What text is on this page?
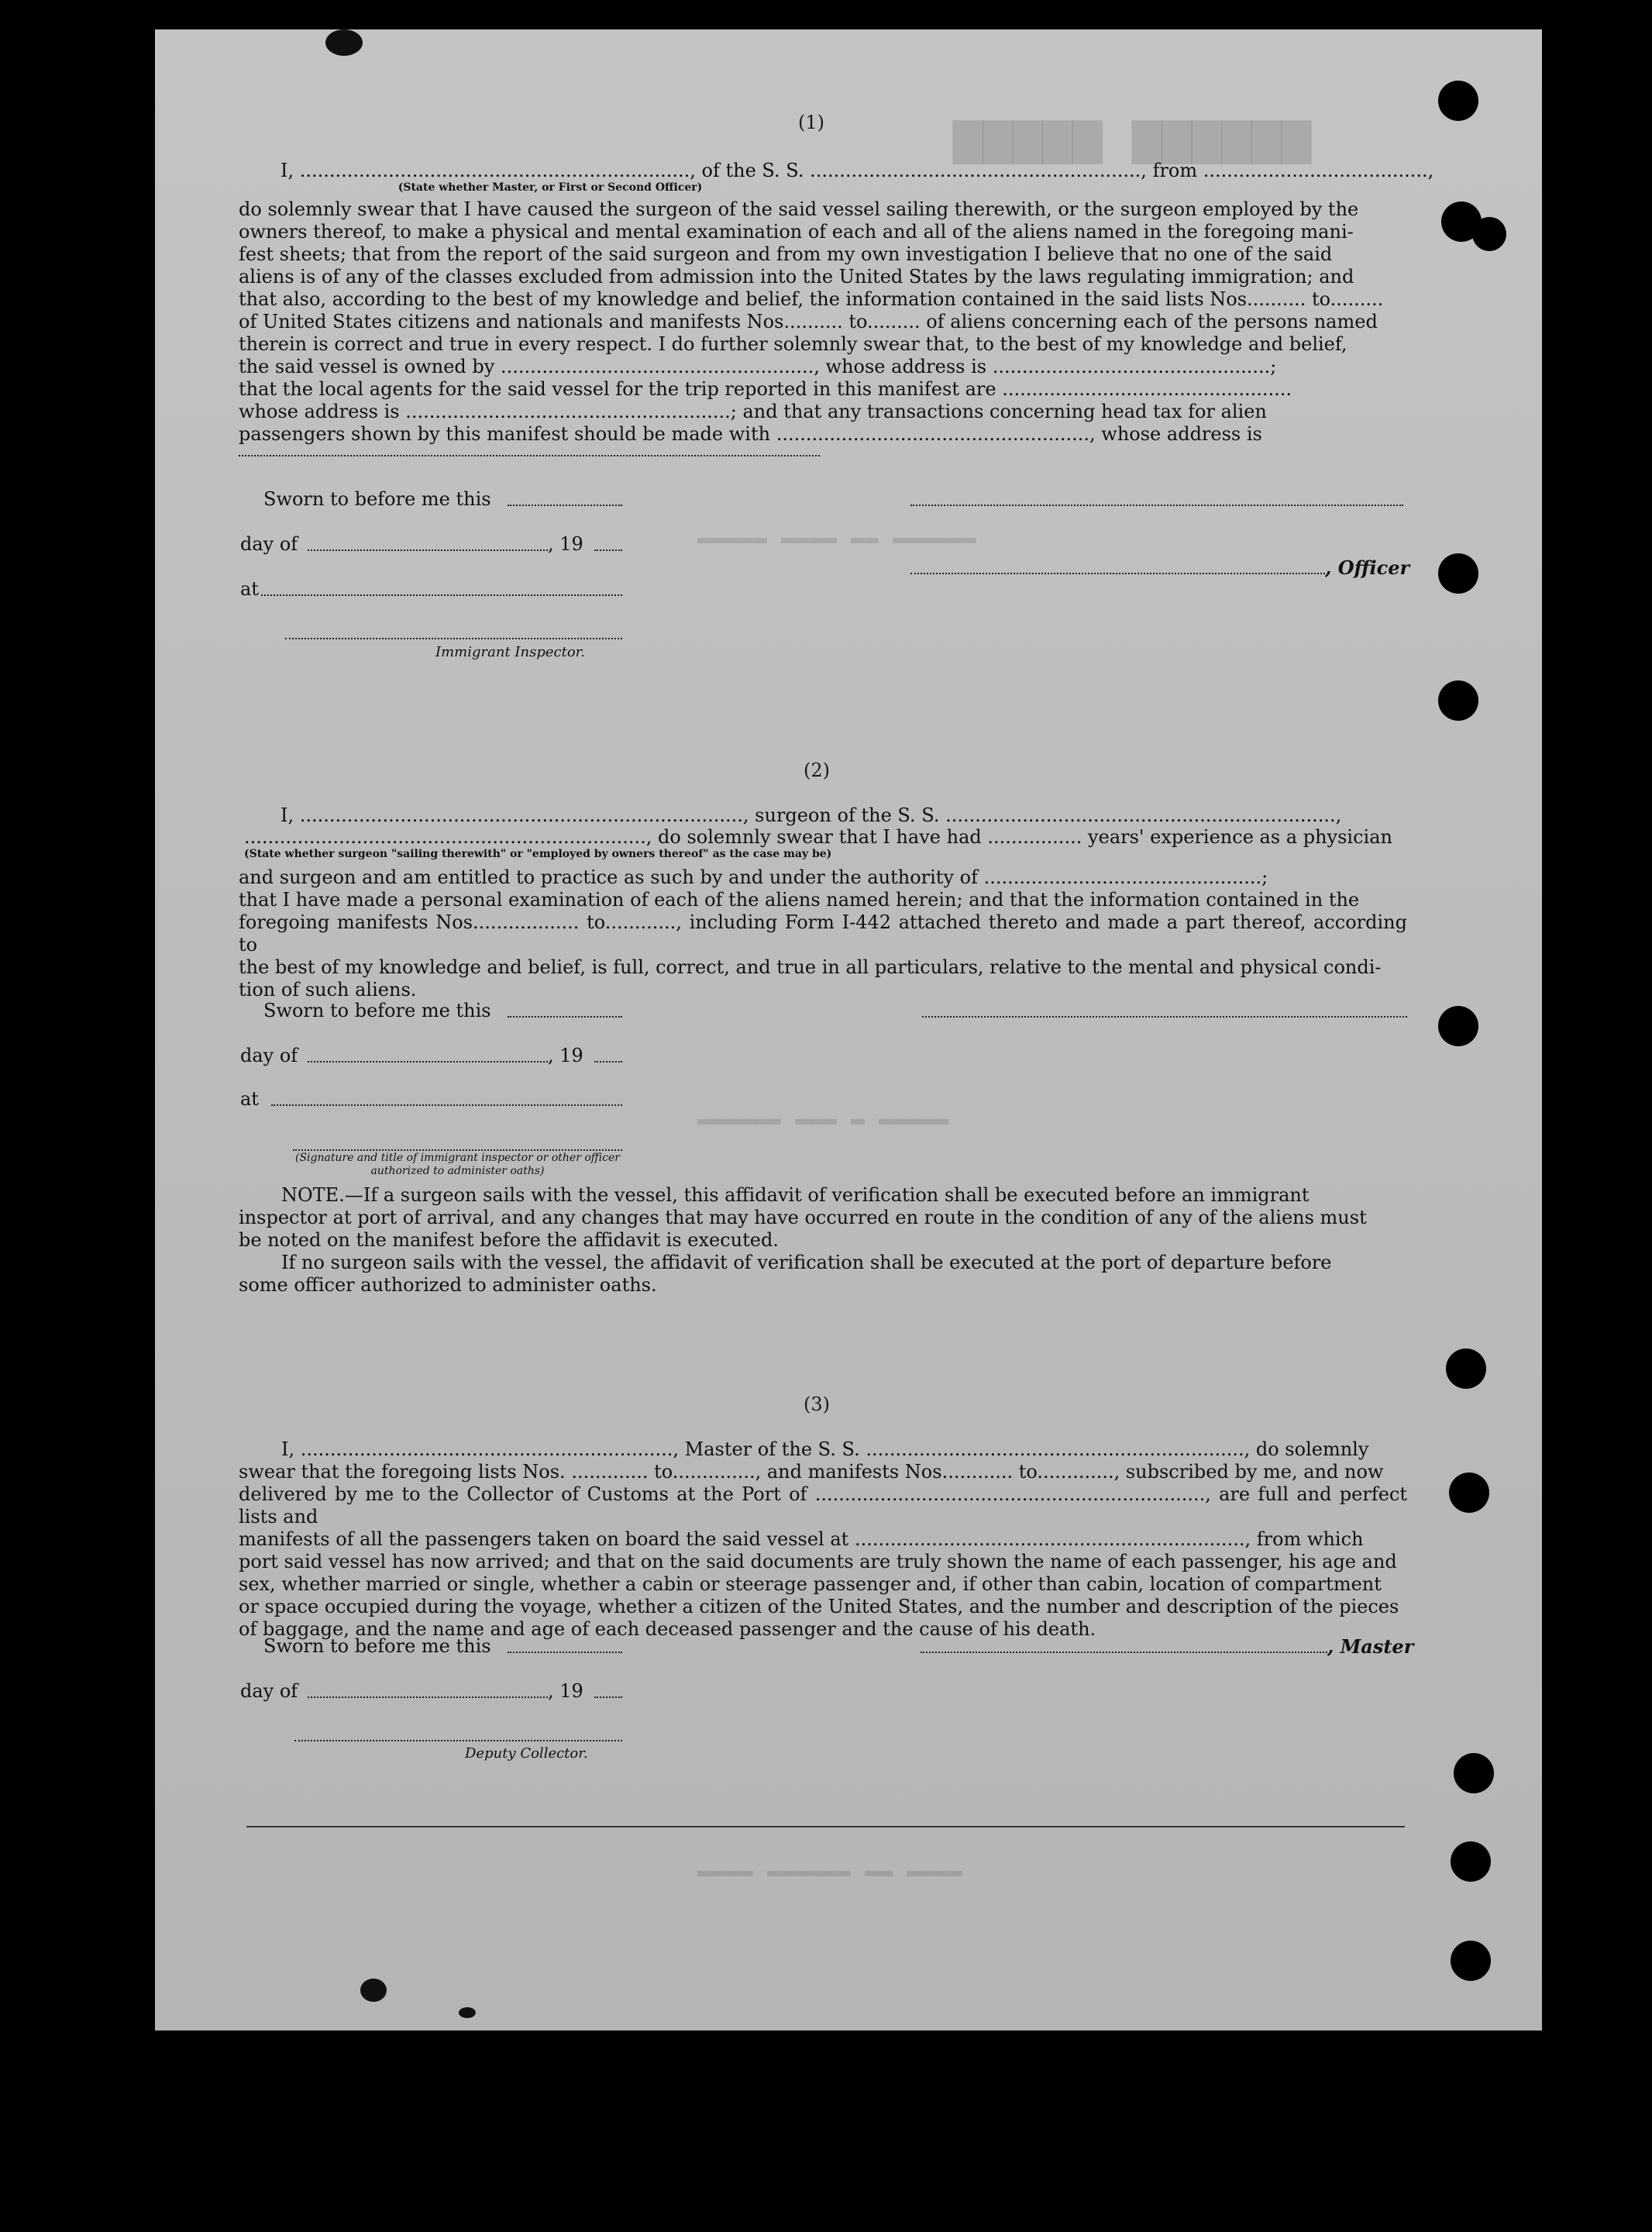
▆▆▆▆▆▆ ▆▆▆▆▆
▬▬▬▬▬ ▬▬▬▬ ▬▬ ▬▬▬▬▬▬
▬▬▬▬▬▬ ▬▬▬ ▬ ▬▬▬▬▬
▬▬▬▬ ▬▬▬▬▬▬ ▬▬ ▬▬▬▬
(1)
I, .................................................................., of the S. S. ........................................................, from ......................................,
(State whether Master, or First or Second Officer)
do solemnly swear that I have caused the surgeon of the said vessel sailing therewith, or the surgeon employed by the
owners thereof, to make a physical and mental examination of each and all of the aliens named in the foregoing mani-
fest sheets; that from the report of the said surgeon and from my own investigation I believe that no one of the said
aliens is of any of the classes excluded from admission into the United States by the laws regulating immigration; and
that also, according to the best of my knowledge and belief, the information contained in the said lists Nos.......... to.........
of United States citizens and nationals and manifests Nos.......... to......... of aliens concerning each of the persons named
therein is correct and true in every respect. I do further solemnly swear that, to the best of my knowledge and belief,
the said vessel is owned by ....................................................., whose address is ...............................................;
that the local agents for the said vessel for the trip reported in this manifest are .................................................
whose address is .......................................................; and that any transactions concerning head tax for alien
passengers shown by this manifest should be made with ....................................................., whose address is
Sworn to before me this
day of	, 19
, Officer
at
Immigrant Inspector.
(2)
I, ..........................................................................., surgeon of the S. S. ..................................................................,
...................................................................., do solemnly swear that I have had ................ years' experience as a physician
(State whether surgeon "sailing therewith" or "employed by owners thereof" as the case may be)
and surgeon and am entitled to practice as such by and under the authority of ...............................................;
that I have made a personal examination of each of the aliens named herein; and that the information contained in the
foregoing manifests Nos.................. to............, including Form I-442 attached thereto and made a part thereof, according to
the best of my knowledge and belief, is full, correct, and true in all particulars, relative to the mental and physical condi-
tion of such aliens.
Sworn to before me this
day of	, 19
at
(Signature and title of immigrant inspector or other officer authorized to administer oaths)
NOTE.—If a surgeon sails with the vessel, this affidavit of verification shall be executed before an immigrant
inspector at port of arrival, and any changes that may have occurred en route in the condition of any of the aliens must
be noted on the manifest before the affidavit is executed.
If no surgeon sails with the vessel, the affidavit of verification shall be executed at the port of departure before
some officer authorized to administer oaths.
(3)
I, ..............................................................., Master of the S. S. ................................................................, do solemnly
swear that the foregoing lists Nos. ............. to.............., and manifests Nos............ to............., subscribed by me, and now
delivered by me to the Collector of Customs at the Port of .................................................................., are full and perfect lists and
manifests of all the passengers taken on board the said vessel at .................................................................., from which
port said vessel has now arrived; and that on the said documents are truly shown the name of each passenger, his age and
sex, whether married or single, whether a cabin or steerage passenger and, if other than cabin, location of compartment
or space occupied during the voyage, whether a citizen of the United States, and the number and description of the pieces
of baggage, and the name and age of each deceased passenger and the cause of his death.
Sworn to before me this	, Master
day of	, 19
Deputy Collector.
